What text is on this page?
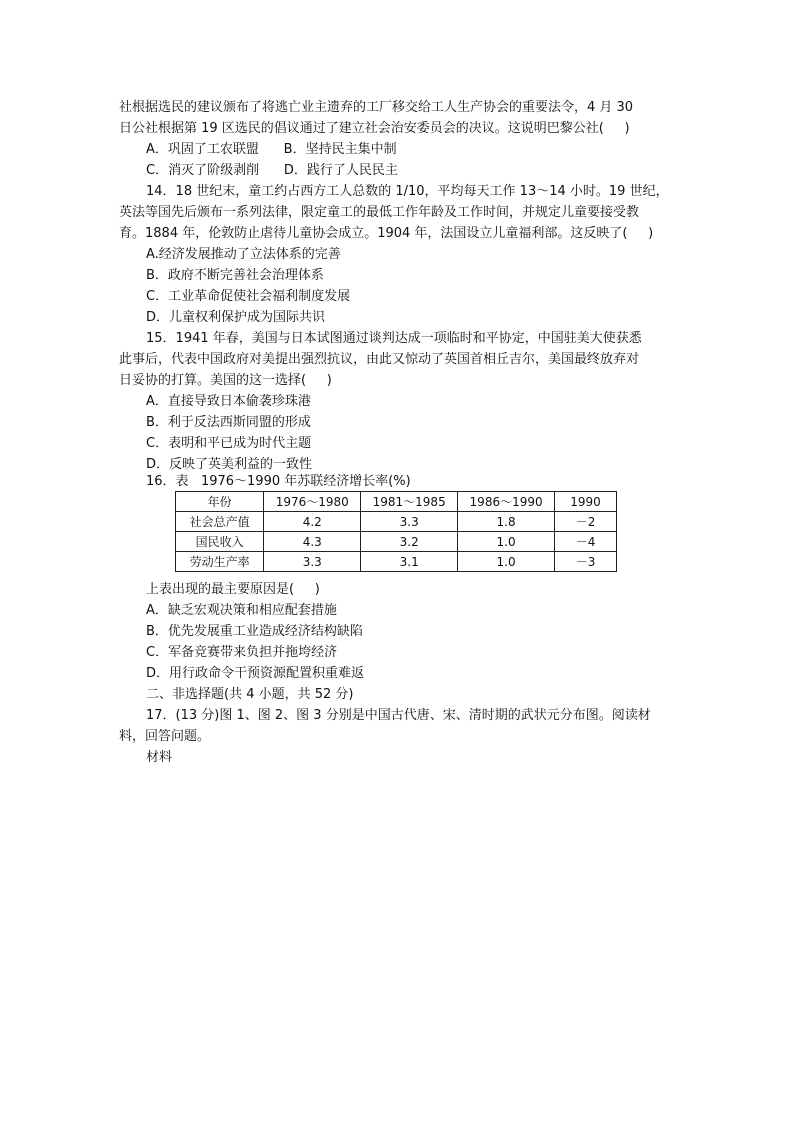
社根据选民的建议颁布了将逃亡业主遗弃的工厂移交给工人生产协会的重要法令，4 月 30
日公社根据第 19 区选民的倡议通过了建立社会治安委员会的决议。这说明巴黎公社(     )
A．巩固了工农联盟      B．坚持民主集中制
C．消灭了阶级剥削      D．践行了人民民主
14．18 世纪末，童工约占西方工人总数的 1/10，平均每天工作 13～14 小时。19 世纪，
英法等国先后颁布一系列法律，限定童工的最低工作年龄及工作时间，并规定儿童要接受教
育。1884 年，伦敦防止虐待儿童协会成立。1904 年，法国设立儿童福利部。这反映了(     )
A.经济发展推动了立法体系的完善
B．政府不断完善社会治理体系
C．工业革命促使社会福利制度发展
D．儿童权利保护成为国际共识
15．1941 年春，美国与日本试图通过谈判达成一项临时和平协定，中国驻美大使获悉
此事后，代表中国政府对美提出强烈抗议，由此又惊动了英国首相丘吉尔，美国最终放弃对
日妥协的打算。美国的这一选择(     )
A．直接导致日本偷袭珍珠港
B．利于反法西斯同盟的形成
C．表明和平已成为时代主题
D．反映了英美利益的一致性
16．表   1976～1990 年苏联经济增长率(%)
年份	1976～1980	1981～1985	1986～1990	1990
社会总产值	4.2	3.3	1.8	－2
国民收入	4.3	3.2	1.0	－4
劳动生产率	3.3	3.1	1.0	－3
上表出现的最主要原因是(     )
A．缺乏宏观决策和相应配套措施
B．优先发展重工业造成经济结构缺陷
C．军备竞赛带来负担并拖垮经济
D．用行政命令干预资源配置积重难返
二、非选择题(共 4 小题，共 52 分)
17．(13 分)图 1、图 2、图 3 分别是中国古代唐、宋、清时期的武状元分布图。阅读材
料，回答问题。
材料
